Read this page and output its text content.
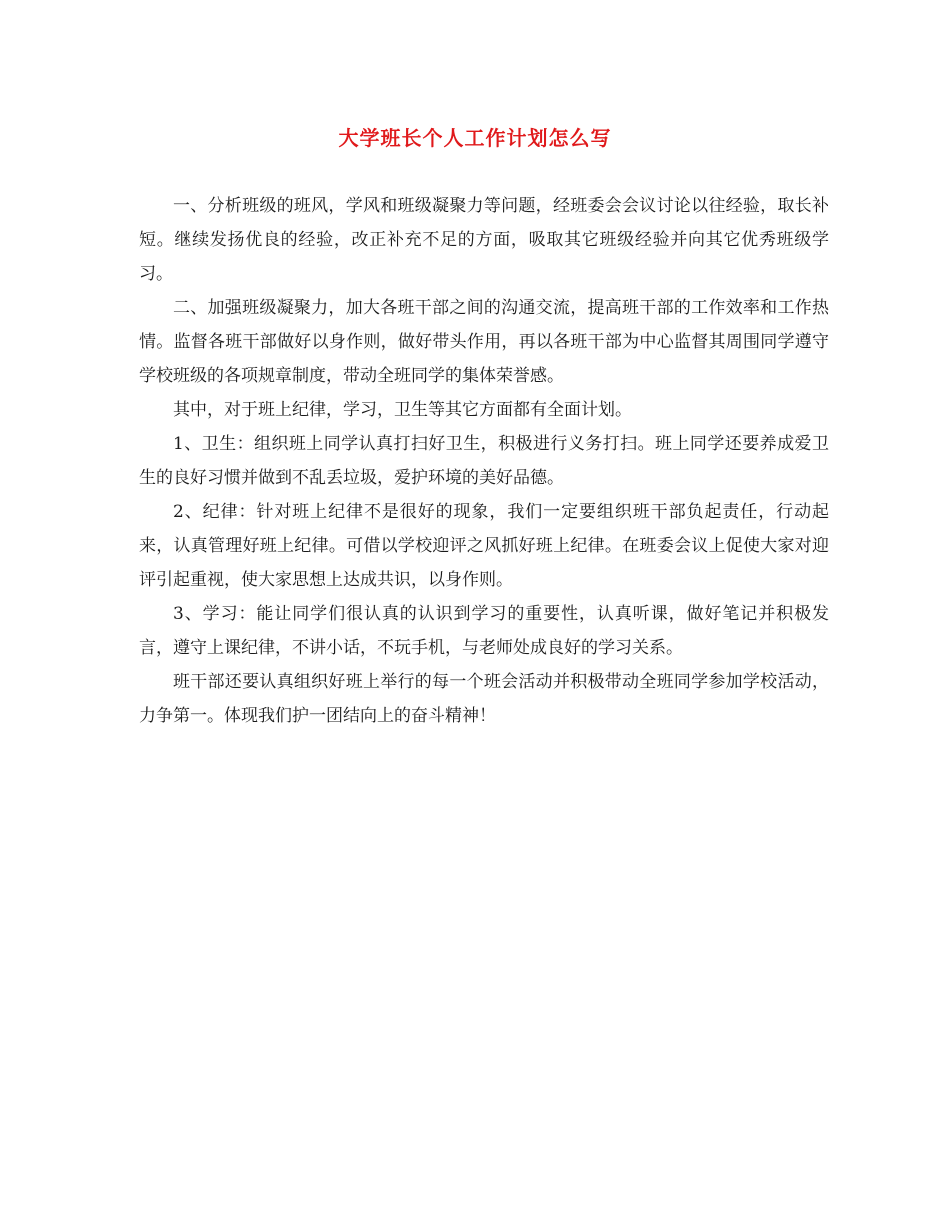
大学班长个人工作计划怎么写

一、分析班级的班风，学风和班级凝聚力等问题，经班委会会议讨论以往经验，取长补短。继续发扬优良的经验，改正补充不足的方面，吸取其它班级经验并向其它优秀班级学习。

二、加强班级凝聚力，加大各班干部之间的沟通交流，提高班干部的工作效率和工作热情。监督各班干部做好以身作则，做好带头作用，再以各班干部为中心监督其周围同学遵守学校班级的各项规章制度，带动全班同学的集体荣誉感。

其中，对于班上纪律，学习，卫生等其它方面都有全面计划。

1、卫生：组织班上同学认真打扫好卫生，积极进行义务打扫。班上同学还要养成爱卫生的良好习惯并做到不乱丢垃圾，爱护环境的美好品德。

2、纪律：针对班上纪律不是很好的现象，我们一定要组织班干部负起责任，行动起来，认真管理好班上纪律。可借以学校迎评之风抓好班上纪律。在班委会议上促使大家对迎评引起重视，使大家思想上达成共识，以身作则。

3、学习：能让同学们很认真的认识到学习的重要性，认真听课，做好笔记并积极发言，遵守上课纪律，不讲小话，不玩手机，与老师处成良好的学习关系。

班干部还要认真组织好班上举行的每一个班会活动并积极带动全班同学参加学校活动，力争第一。体现我们护一团结向上的奋斗精神！
